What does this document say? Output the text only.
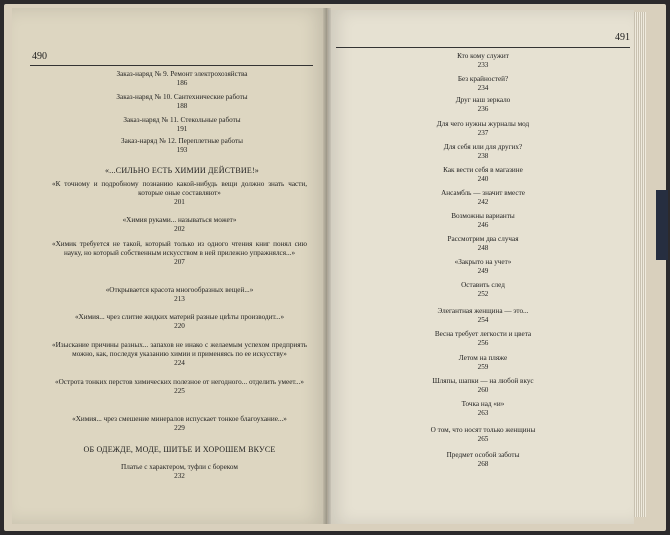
490
Заказ-наряд № 9. Ремонт электрохозяйства
186
Заказ-наряд № 10. Сантехнические работы
188
Заказ-наряд № 11. Стекольные работы
191
Заказ-наряд № 12. Переплетные работы
193
«...СИЛЬНО ЕСТЬ ХИМИИ ДЕЙСТВИЕ!»
«К точному и подробному познанию какой-нибудь вещи должно знать части, которые оные составляют»
201
«Химия руками... называться может»
202
«Химик требуется не такой, который только из одного чтения книг понял сию науку, но который собственным искусством в ней прилежно упражнялся...»
207
«Открывается красота многообразных вещей...»
213
«Химия... чрез слитие жидких материй разные цвѣты производит...»
220
«Изыскание причины разных... запахов не инако с желаемым успехом предприять можно, как, последуя указанию химии и применяясь по ее искусству»
224
«Острота тонких перстов химических полезное от негодного... отделить умеет...»
225
«Химия... чрез смешение минералов испускает тонкое благоухание...»
229
ОБ ОДЕЖДЕ, МОДЕ, ШИТЬЕ И ХОРОШЕМ ВКУСЕ
Платье с характером, туфли с бореком
232
491
Кто кому служит
233
Без крайностей?
234
Друг наш зеркало
236
Для чего нужны журналы мод
237
Для себя или для других?
238
Как вести себя в магазине
240
Ансамбль — значит вместе
242
Возможны варианты
246
Рассмотрим два случая
248
«Закрыто на учет»
249
Оставить след
252
Элегантная женщина — это...
254
Весна требует легкости и цвета
256
Летом на пляже
259
Шляпы, шапки — на любой вкус
260
Точка над «и»
263
О том, что носят только женщины
265
Предмет особой заботы
268
